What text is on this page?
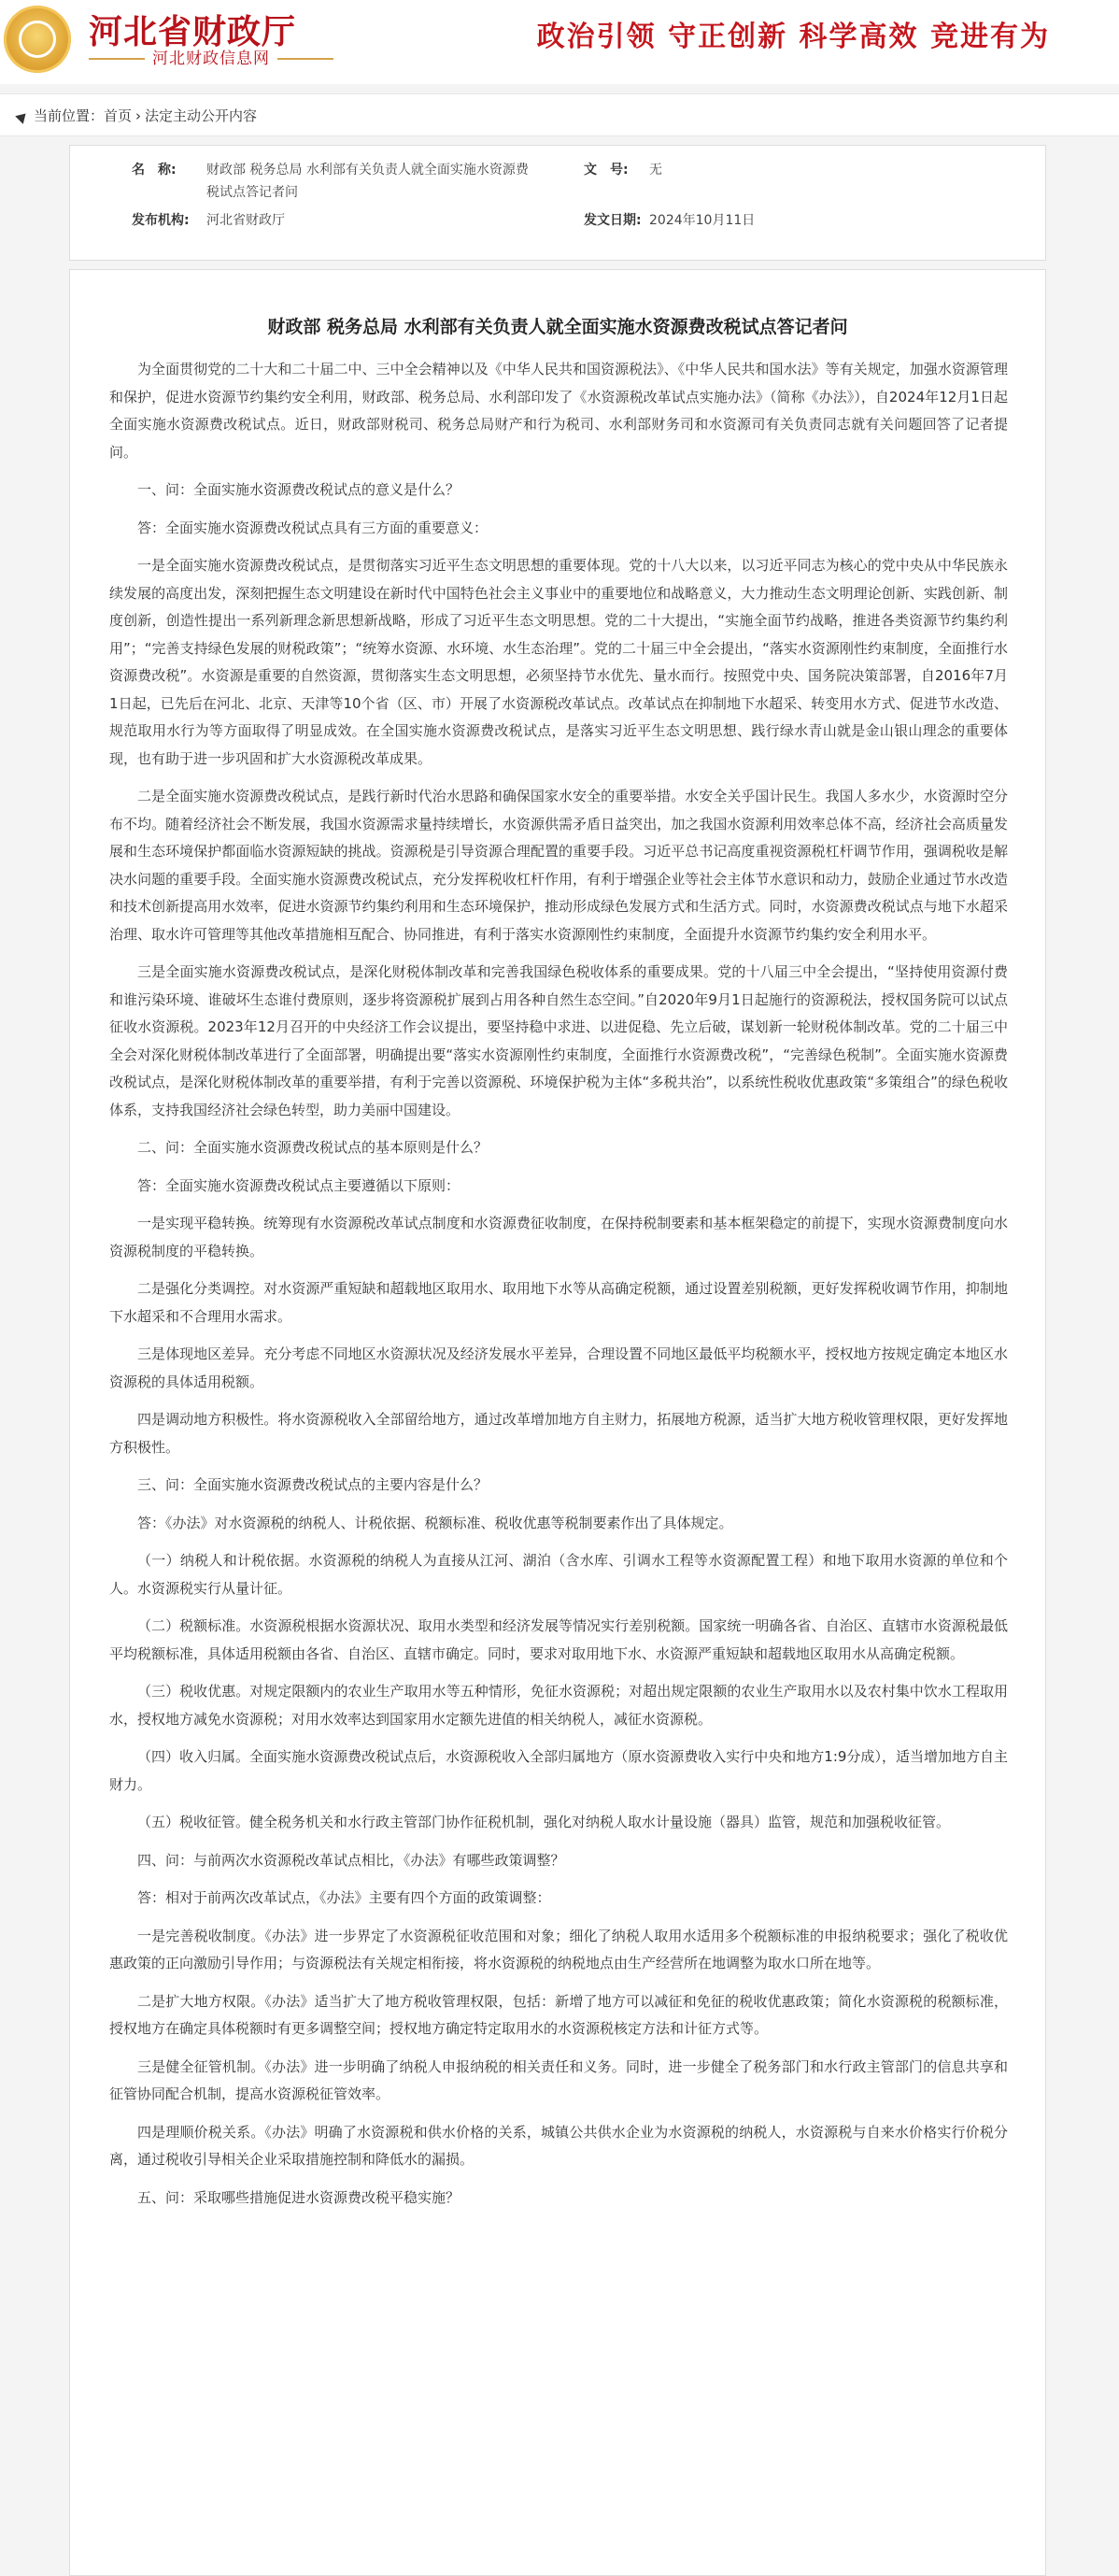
河北省财政厅
河北财政信息网
政治引领 守正创新 科学高效 竞进有为
当前位置：首页 › 法定主动公开内容
名　称: 财政部 税务总局 水利部有关负责人就全面实施水资源费
税试点答记者问
文　号: 无
发布机构: 河北省财政厅	发文日期: 2024年10月11日
财政部 税务总局 水利部有关负责人就全面实施水资源费改税试点答记者问

为全面贯彻党的二十大和二十届二中、三中全会精神以及《中华人民共和国资源税法》、《中华人民共和国水法》等有关规定，加强水资源管理和保护，促进水资源节约集约安全利用，财政部、税务总局、水利部印发了《水资源税改革试点实施办法》（简称《办法》），自2024年12月1日起全面实施水资源费改税试点。近日，财政部财税司、税务总局财产和行为税司、水利部财务司和水资源司有关负责同志就有关问题回答了记者提问。

一、问：全面实施水资源费改税试点的意义是什么？

答：全面实施水资源费改税试点具有三方面的重要意义：

一是全面实施水资源费改税试点，是贯彻落实习近平生态文明思想的重要体现。党的十八大以来，以习近平同志为核心的党中央从中华民族永续发展的高度出发，深刻把握生态文明建设在新时代中国特色社会主义事业中的重要地位和战略意义，大力推动生态文明理论创新、实践创新、制度创新，创造性提出一系列新理念新思想新战略，形成了习近平生态文明思想。党的二十大提出，“实施全面节约战略，推进各类资源节约集约利用”；“完善支持绿色发展的财税政策”；“统筹水资源、水环境、水生态治理”。党的二十届三中全会提出，“落实水资源刚性约束制度，全面推行水资源费改税”。水资源是重要的自然资源，贯彻落实生态文明思想，必须坚持节水优先、量水而行。按照党中央、国务院决策部署，自2016年7月1日起，已先后在河北、北京、天津等10个省（区、市）开展了水资源税改革试点。改革试点在抑制地下水超采、转变用水方式、促进节水改造、规范取用水行为等方面取得了明显成效。在全国实施水资源费改税试点，是落实习近平生态文明思想、践行绿水青山就是金山银山理念的重要体现，也有助于进一步巩固和扩大水资源税改革成果。

二是全面实施水资源费改税试点，是践行新时代治水思路和确保国家水安全的重要举措。水安全关乎国计民生。我国人多水少，水资源时空分布不均。随着经济社会不断发展，我国水资源需求量持续增长，水资源供需矛盾日益突出，加之我国水资源利用效率总体不高，经济社会高质量发展和生态环境保护都面临水资源短缺的挑战。资源税是引导资源合理配置的重要手段。习近平总书记高度重视资源税杠杆调节作用，强调税收是解决水问题的重要手段。全面实施水资源费改税试点，充分发挥税收杠杆作用，有利于增强企业等社会主体节水意识和动力，鼓励企业通过节水改造和技术创新提高用水效率，促进水资源节约集约利用和生态环境保护，推动形成绿色发展方式和生活方式。同时，水资源费改税试点与地下水超采治理、取水许可管理等其他改革措施相互配合、协同推进，有利于落实水资源刚性约束制度，全面提升水资源节约集约安全利用水平。

三是全面实施水资源费改税试点，是深化财税体制改革和完善我国绿色税收体系的重要成果。党的十八届三中全会提出，“坚持使用资源付费和谁污染环境、谁破坏生态谁付费原则，逐步将资源税扩展到占用各种自然生态空间。”自2020年9月1日起施行的资源税法，授权国务院可以试点征收水资源税。2023年12月召开的中央经济工作会议提出，要坚持稳中求进、以进促稳、先立后破，谋划新一轮财税体制改革。党的二十届三中全会对深化财税体制改革进行了全面部署，明确提出要“落实水资源刚性约束制度，全面推行水资源费改税”，“完善绿色税制”。全面实施水资源费改税试点，是深化财税体制改革的重要举措，有利于完善以资源税、环境保护税为主体“多税共治”，以系统性税收优惠政策“多策组合”的绿色税收体系，支持我国经济社会绿色转型，助力美丽中国建设。

二、问：全面实施水资源费改税试点的基本原则是什么？

答：全面实施水资源费改税试点主要遵循以下原则：

一是实现平稳转换。统筹现有水资源税改革试点制度和水资源费征收制度，在保持税制要素和基本框架稳定的前提下，实现水资源费制度向水资源税制度的平稳转换。

二是强化分类调控。对水资源严重短缺和超载地区取用水、取用地下水等从高确定税额，通过设置差别税额，更好发挥税收调节作用，抑制地下水超采和不合理用水需求。

三是体现地区差异。充分考虑不同地区水资源状况及经济发展水平差异，合理设置不同地区最低平均税额水平，授权地方按规定确定本地区水资源税的具体适用税额。

四是调动地方积极性。将水资源税收入全部留给地方，通过改革增加地方自主财力，拓展地方税源，适当扩大地方税收管理权限，更好发挥地方积极性。

三、问：全面实施水资源费改税试点的主要内容是什么？

答：《办法》对水资源税的纳税人、计税依据、税额标准、税收优惠等税制要素作出了具体规定。

（一）纳税人和计税依据。水资源税的纳税人为直接从江河、湖泊（含水库、引调水工程等水资源配置工程）和地下取用水资源的单位和个人。水资源税实行从量计征。

（二）税额标准。水资源税根据水资源状况、取用水类型和经济发展等情况实行差别税额。国家统一明确各省、自治区、直辖市水资源税最低平均税额标准，具体适用税额由各省、自治区、直辖市确定。同时，要求对取用地下水、水资源严重短缺和超载地区取用水从高确定税额。

（三）税收优惠。对规定限额内的农业生产取用水等五种情形，免征水资源税；对超出规定限额的农业生产取用水以及农村集中饮水工程取用水，授权地方减免水资源税；对用水效率达到国家用水定额先进值的相关纳税人，减征水资源税。

（四）收入归属。全面实施水资源费改税试点后，水资源税收入全部归属地方（原水资源费收入实行中央和地方1:9分成），适当增加地方自主财力。

（五）税收征管。健全税务机关和水行政主管部门协作征税机制，强化对纳税人取水计量设施（器具）监管，规范和加强税收征管。

四、问：与前两次水资源税改革试点相比，《办法》有哪些政策调整？

答：相对于前两次改革试点，《办法》主要有四个方面的政策调整：

一是完善税收制度。《办法》进一步界定了水资源税征收范围和对象；细化了纳税人取用水适用多个税额标准的申报纳税要求；强化了税收优惠政策的正向激励引导作用；与资源税法有关规定相衔接，将水资源税的纳税地点由生产经营所在地调整为取水口所在地等。

二是扩大地方权限。《办法》适当扩大了地方税收管理权限，包括：新增了地方可以减征和免征的税收优惠政策；简化水资源税的税额标准，授权地方在确定具体税额时有更多调整空间；授权地方确定特定取用水的水资源税核定方法和计征方式等。

三是健全征管机制。《办法》进一步明确了纳税人申报纳税的相关责任和义务。同时，进一步健全了税务部门和水行政主管部门的信息共享和征管协同配合机制，提高水资源税征管效率。

四是理顺价税关系。《办法》明确了水资源税和供水价格的关系，城镇公共供水企业为水资源税的纳税人，水资源税与自来水价格实行价税分离，通过税收引导相关企业采取措施控制和降低水的漏损。

五、问：采取哪些措施促进水资源费改税平稳实施？
